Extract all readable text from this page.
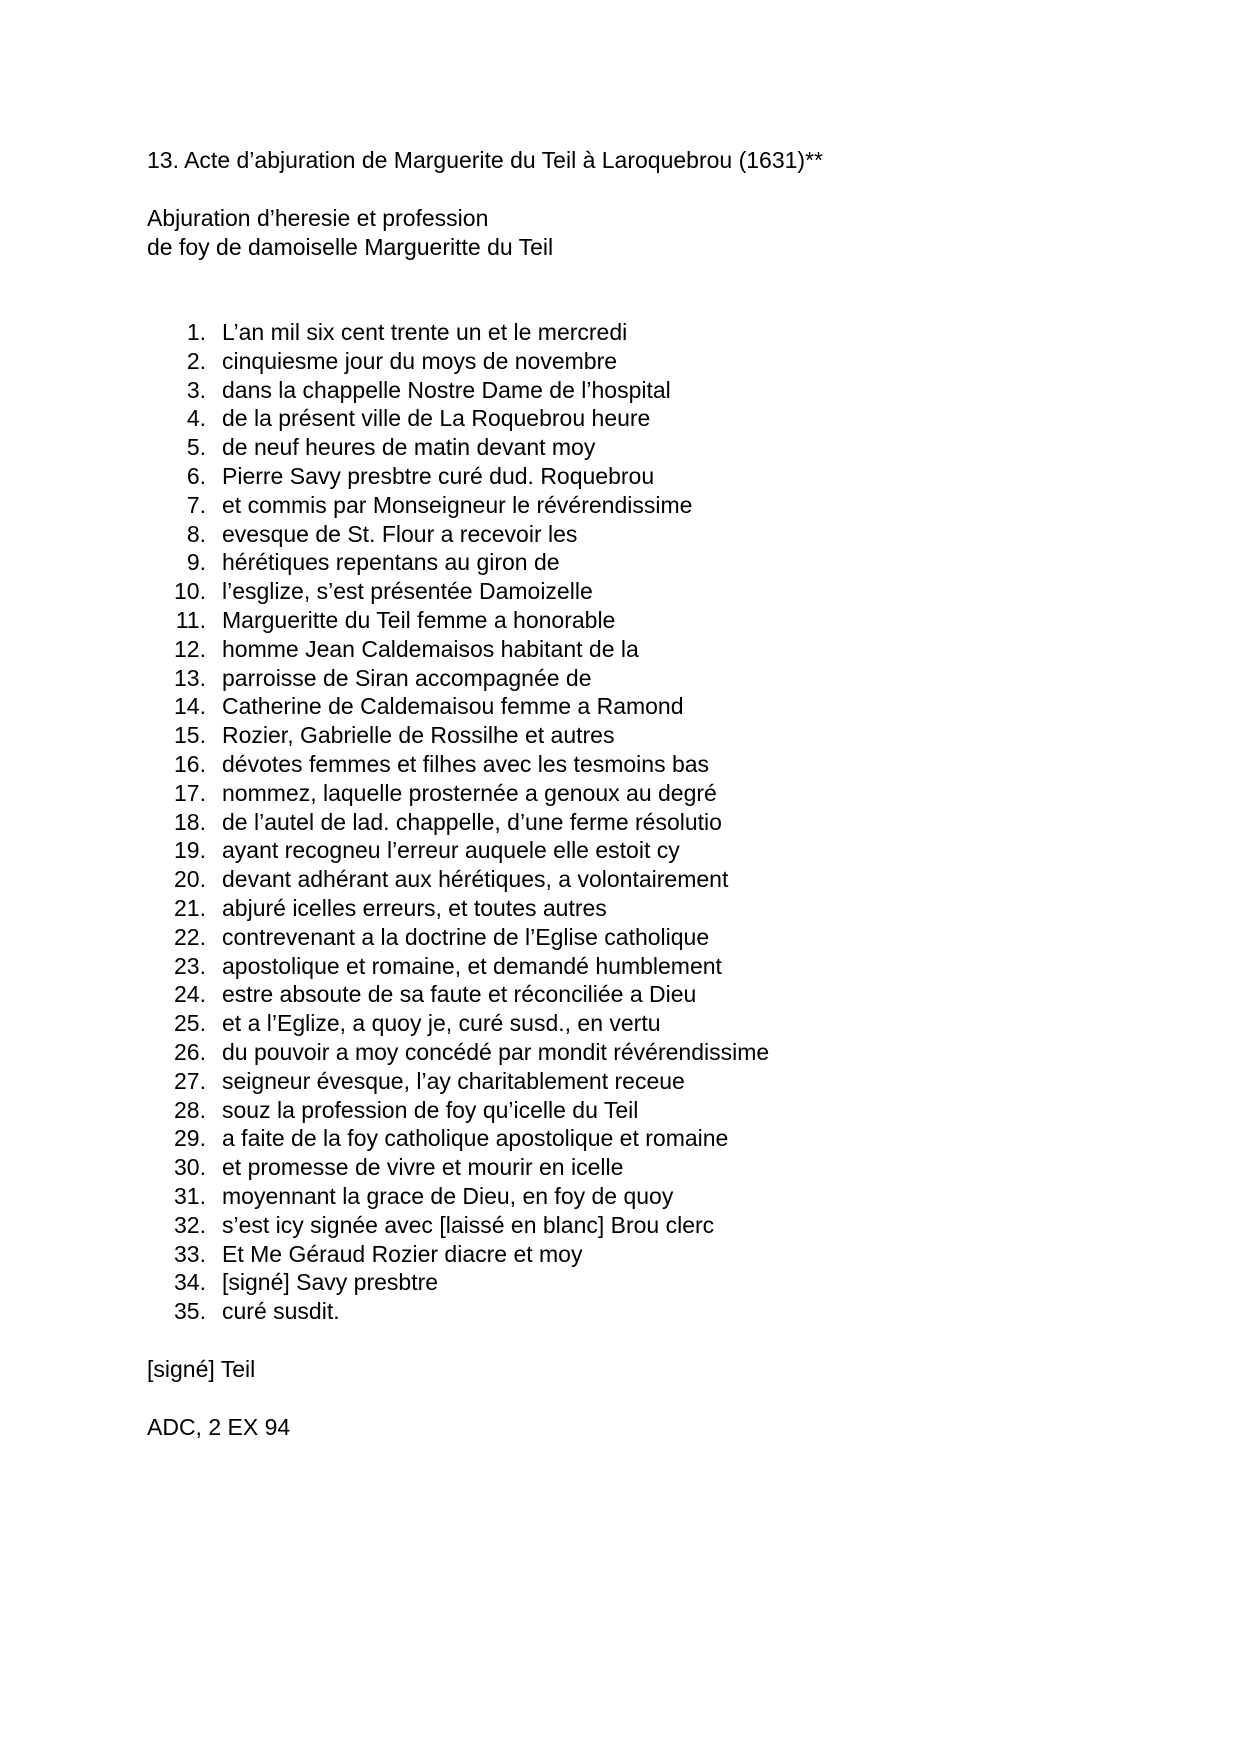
13. Acte d’abjuration de Marguerite du Teil à Laroquebrou (1631)**
Abjuration d’heresie et profession
de foy de damoiselle Margueritte du Teil
1. L’an mil six cent trente un et le mercredi
2. cinquiesme jour du moys de novembre
3. dans la chappelle Nostre Dame de l’hospital
4. de la présent ville de La Roquebrou heure
5. de neuf heures de matin devant moy
6. Pierre Savy presbtre curé dud. Roquebrou
7. et commis par Monseigneur le révérendissime
8. evesque de St. Flour a recevoir les
9. hérétiques repentans au giron de
10. l’esglize, s’est présentée Damoizelle
11. Margueritte du Teil femme a honorable
12. homme Jean Caldemaisos habitant de la
13. parroisse de Siran accompagnée de
14. Catherine de Caldemaisou femme a Ramond
15. Rozier, Gabrielle de Rossilhe et autres
16. dévotes femmes et filhes avec les tesmoins bas
17. nommez, laquelle prosternée a genoux au degré
18. de l’autel de lad. chappelle, d’une ferme résolutio
19. ayant recogneu l’erreur auquele elle estoit cy
20. devant adhérant aux hérétiques, a volontairement
21. abjuré icelles erreurs, et toutes autres
22. contrevenant a la doctrine de l’Eglise catholique
23. apostolique et romaine, et demandé humblement
24. estre absoute de sa faute et réconciliée a Dieu
25. et a l’Eglize, a quoy je, curé susd., en vertu
26. du pouvoir a moy concédé par mondit révérendissime
27. seigneur évesque, l’ay charitablement receue
28. souz la profession de foy qu’icelle du Teil
29. a faite de la foy catholique apostolique et romaine
30. et promesse de vivre et mourir en icelle
31. moyennant la grace de Dieu, en foy de quoy
32. s’est icy signée avec [laissé en blanc] Brou clerc
33. Et Me Géraud Rozier diacre et moy
34. [signé] Savy presbtre
35. curé susdit.
[signé] Teil
ADC, 2 EX 94
